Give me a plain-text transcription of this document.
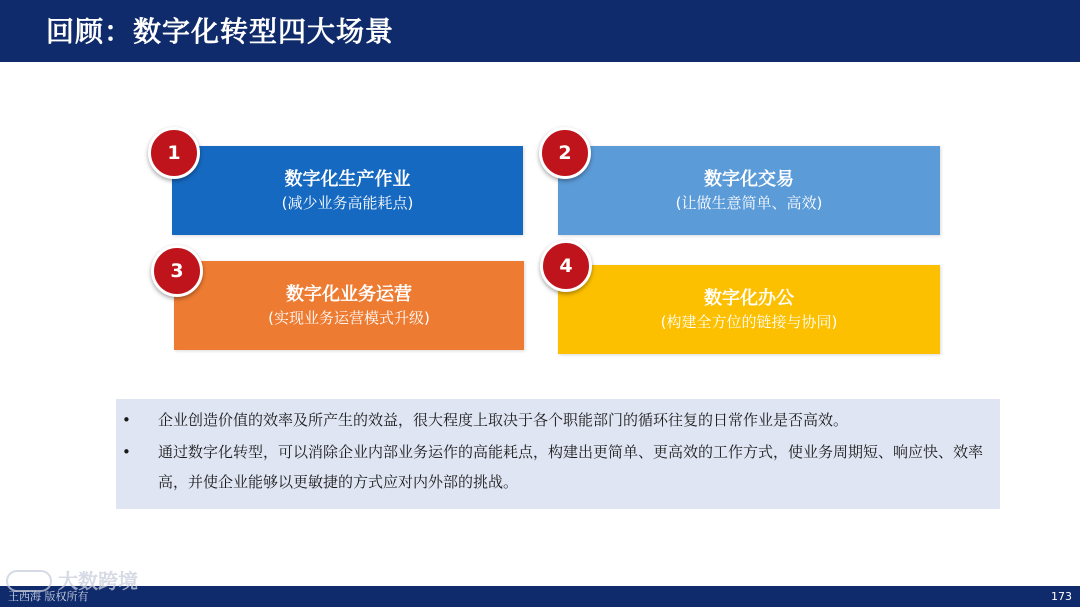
回顾：数字化转型四大场景
数字化生产作业
(减少业务高能耗点)
1
数字化交易
(让做生意简单、高效)
2
数字化业务运营
(实现业务运营模式升级)
3
数字化办公
(构建全方位的链接与协同)
4
• 企业创造价值的效率及所产生的效益，很大程度上取决于各个职能部门的循环往复的日常作业是否高效。
• 通过数字化转型，可以消除企业内部业务运作的高能耗点，构建出更简单、更高效的工作方式，使业务周期短、响应快、效率高，并使企业能够以更敏捷的方式应对内外部的挑战。
王西海 版权所有	173
大数跨境
